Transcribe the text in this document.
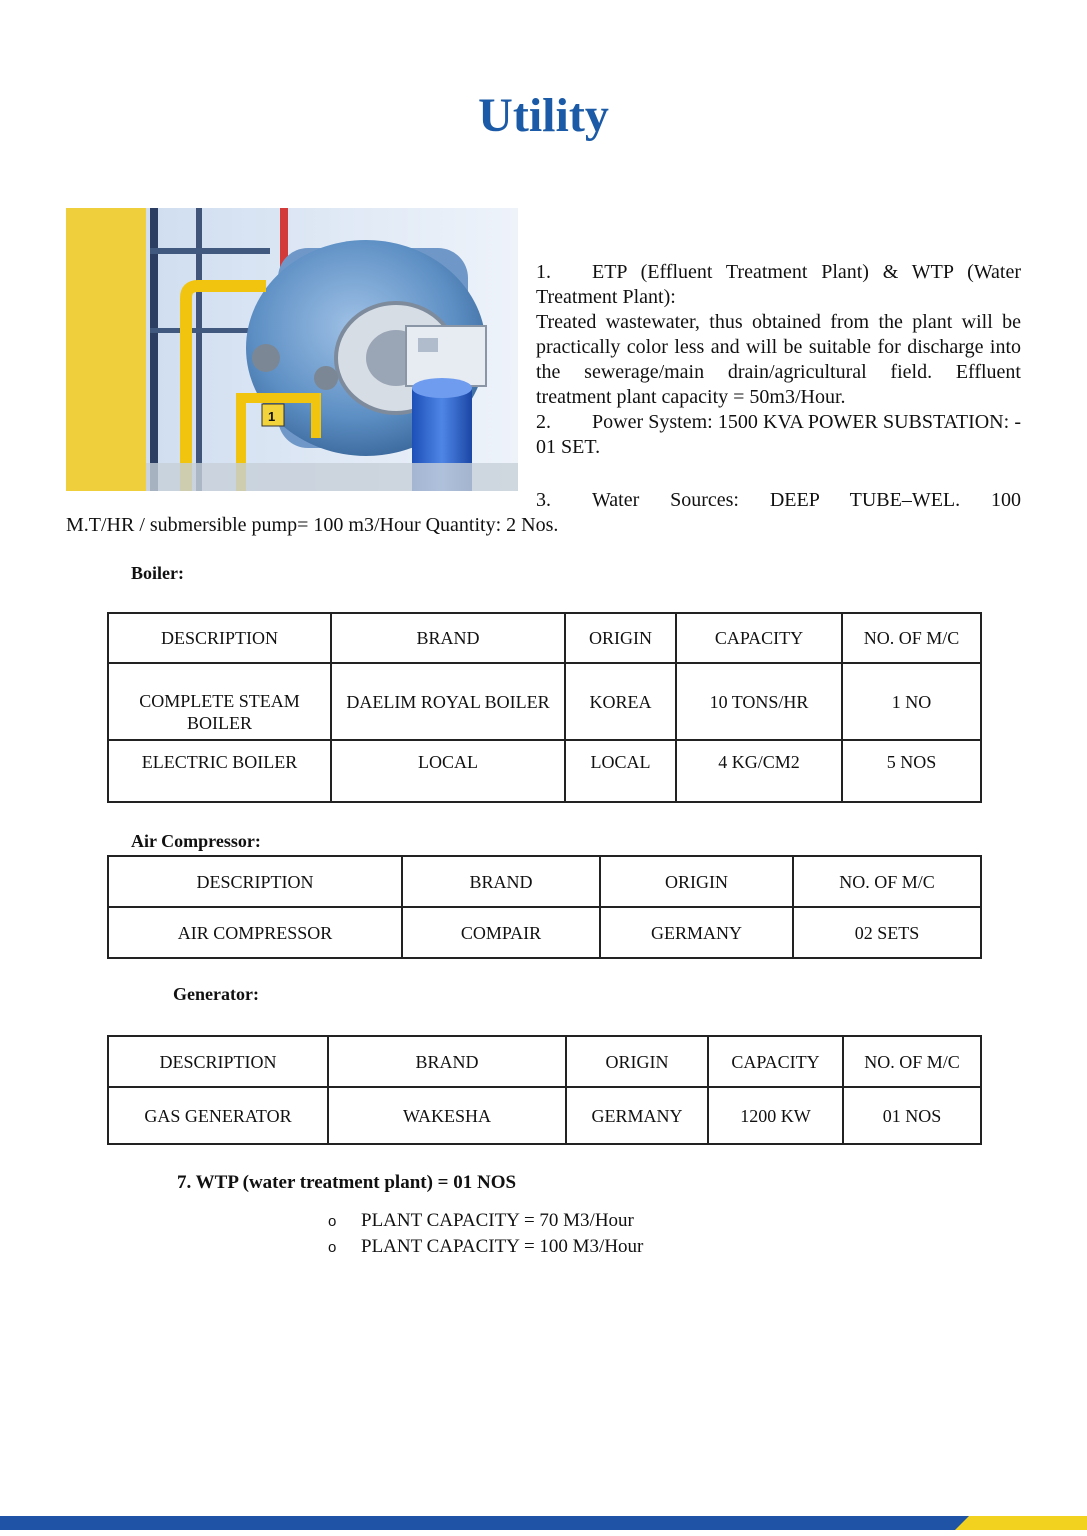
Utility
1

1. ETP (Effluent Treatment Plant) & WTP (Water Treatment Plant):

Treated wastewater, thus obtained from the plant will be practically color less and will be suitable for discharge into the sewerage/main drain/agricultural field. Effluent treatment plant capacity = 50m3/Hour.

2. Power System: 1500 KVA POWER SUBSTATION: - 01 SET.

3. Water Sources: DEEP TUBE–WEL. 100
M.T/HR / submersible pump= 100 m3/Hour Quantity: 2 Nos.
Boiler:
DESCRIPTION	BRAND	ORIGIN	CAPACITY	NO. OF M/C
COMPLETE STEAM BOILER	DAELIM ROYAL BOILER	KOREA	10 TONS/HR	1 NO
ELECTRIC BOILER	LOCAL	LOCAL	4 KG/CM2	5 NOS
Air Compressor:
DESCRIPTION	BRAND	ORIGIN	NO. OF M/C
AIR COMPRESSOR	COMPAIR	GERMANY	02 SETS
Generator:
DESCRIPTION	BRAND	ORIGIN	CAPACITY	NO. OF M/C
GAS GENERATOR	WAKESHA	GERMANY	1200 KW	01 NOS
7. WTP (water treatment plant) = 01 NOS
o PLANT CAPACITY = 70 M3/Hour
o PLANT CAPACITY = 100 M3/Hour
